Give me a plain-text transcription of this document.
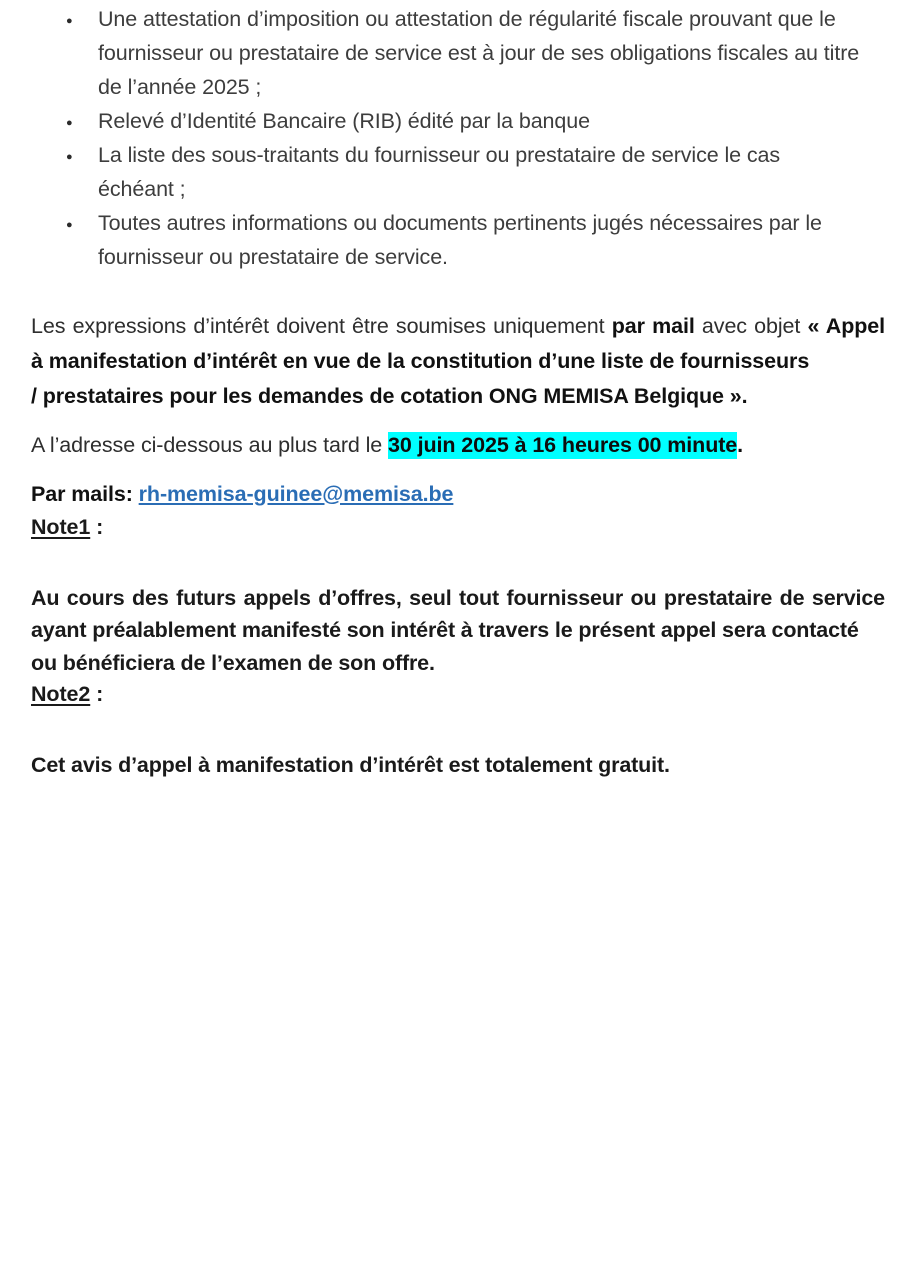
●
Une attestation d’imposition ou attestation de régularité fiscale prouvant que le fournisseur ou prestataire de service est à jour de ses obligations fiscales au titre de l’année 2025 ;
●
Relevé d’Identité Bancaire (RIB) édité par la banque
●
La liste des sous-traitants du fournisseur ou prestataire de service le cas échéant ;
●
Toutes autres informations ou documents pertinents jugés nécessaires par le fournisseur ou prestataire de service.

Les expressions d’intérêt doivent être soumises uniquement par mail avec objet « Appel à manifestation d’intérêt en vue de la constitution d’une liste de fournisseurs
/ prestataires pour les demandes de cotation ONG MEMISA Belgique ».

A l’adresse ci-dessous au plus tard le 30 juin 2025 à 16 heures 00 minute.

Par mails: rh-memisa-guinee@memisa.be

Note1 :

Au cours des futurs appels d’offres, seul tout fournisseur ou prestataire de service ayant préalablement manifesté son intérêt à travers le présent appel sera contacté
ou bénéficiera de l’examen de son offre.

Note2 :

Cet avis d’appel à manifestation d’intérêt est totalement gratuit.
